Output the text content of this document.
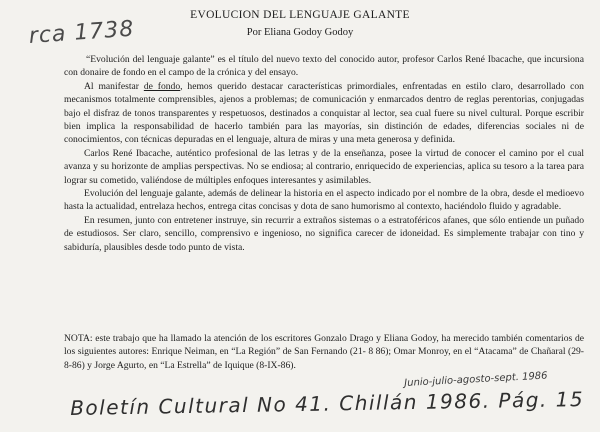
EVOLUCION DEL LENGUAJE GALANTE
Por Eliana Godoy Godoy

“Evolución del lenguaje galante” es el título del nuevo texto del conocido autor, profesor Carlos René Ibacache, que incursiona con donaire de fondo en el campo de la crónica y del ensayo.

Al manifestar de fondo, hemos querido destacar características primordiales, enfrentadas en estilo claro, desarrollado con mecanismos totalmente comprensibles, ajenos a problemas; de comunicación y enmarcados dentro de reglas perentorias, conjugadas bajo el disfraz de tonos transparentes y respetuosos, destinados a conquistar al lector, sea cual fuere su nivel cultural. Porque escribir bien implica la responsabilidad de hacerlo también para las mayorías, sin distinción de edades, diferencias sociales ni de conocimientos, con técnicas depuradas en el lenguaje, altura de miras y una meta generosa y definida.

Carlos René Ibacache, auténtico profesional de las letras y de la enseñanza, posee la virtud de conocer el camino por el cual avanza y su horizonte de amplias perspectivas. No se endiosa; al contrario, enriquecido de experiencias, aplica su tesoro a la tarea para lograr su cometido, valiéndose de múltiples enfoques interesantes y asimilables.

Evolución del lenguaje galante, además de delinear la historia en el aspecto indicado por el nombre de la obra, desde el medioevo hasta la actualidad, entrelaza hechos, entrega citas concisas y dota de sano humorismo al contexto, haciéndolo fluido y agradable.

En resumen, junto con entretener instruye, sin recurrir a extraños sistemas o a estratoféricos afanes, que sólo entiende un puñado de estudiosos. Ser claro, sencillo, comprensivo e ingenioso, no significa carecer de idoneidad. Es simplemente trabajar con tino y sabiduría, plausibles desde todo punto de vista.

NOTA: este trabajo que ha llamado la atención de los escritores Gonzalo Drago y Eliana Godoy, ha merecido también comentarios de los siguientes autores: Enrique Neiman, en “La Región” de San Fernando (21- 8 86); Omar Monroy, en el “Atacama” de Chañaral (29-8-86) y Jorge Agurto, en “La Estrella” de Iquique (8-IX-86).
rca 1738
Junio-julio-agosto-sept. 1986
Boletín Cultural No 41. Chillán 1986. Pág. 15
